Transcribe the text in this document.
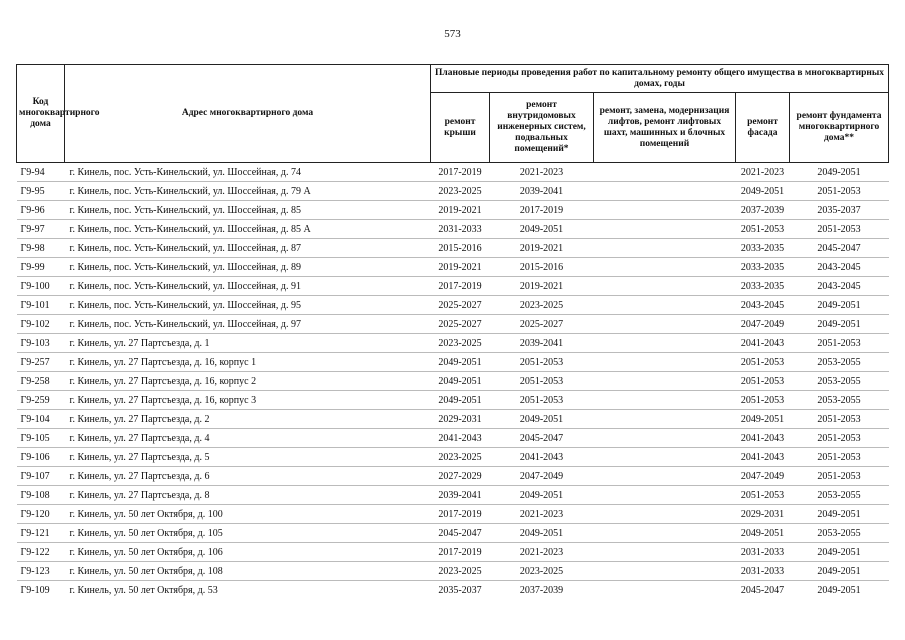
573
Код многоквартирного дома	Адрес многоквартирного дома	Плановые периоды проведения работ по капитальному ремонту общего имущества в многоквартирных домах, годы				
		ремонт крыши	ремонт внутридомовых инженерных систем, подвальных помещений*	ремонт, замена, модернизация лифтов, ремонт лифтовых шахт, машинных и блочных помещений	ремонт фасада	ремонт фундамента многоквартирного дома**
Г9-94	г. Кинель, пос. Усть-Кинельский, ул. Шоссейная, д. 74	2017-2019	2021-2023		2021-2023	2049-2051
Г9-95	г. Кинель, пос. Усть-Кинельский, ул. Шоссейная, д. 79 А	2023-2025	2039-2041		2049-2051	2051-2053
Г9-96	г. Кинель, пос. Усть-Кинельский, ул. Шоссейная, д. 85	2019-2021	2017-2019		2037-2039	2035-2037
Г9-97	г. Кинель, пос. Усть-Кинельский, ул. Шоссейная, д. 85 А	2031-2033	2049-2051		2051-2053	2051-2053
Г9-98	г. Кинель, пос. Усть-Кинельский, ул. Шоссейная, д. 87	2015-2016	2019-2021		2033-2035	2045-2047
Г9-99	г. Кинель, пос. Усть-Кинельский, ул. Шоссейная, д. 89	2019-2021	2015-2016		2033-2035	2043-2045
Г9-100	г. Кинель, пос. Усть-Кинельский, ул. Шоссейная, д. 91	2017-2019	2019-2021		2033-2035	2043-2045
Г9-101	г. Кинель, пос. Усть-Кинельский, ул. Шоссейная, д. 95	2025-2027	2023-2025		2043-2045	2049-2051
Г9-102	г. Кинель, пос. Усть-Кинельский, ул. Шоссейная, д. 97	2025-2027	2025-2027		2047-2049	2049-2051
Г9-103	г. Кинель, ул. 27 Партсъезда, д. 1	2023-2025	2039-2041		2041-2043	2051-2053
Г9-257	г. Кинель, ул. 27 Партсъезда, д. 16, корпус 1	2049-2051	2051-2053		2051-2053	2053-2055
Г9-258	г. Кинель, ул. 27 Партсъезда, д. 16, корпус 2	2049-2051	2051-2053		2051-2053	2053-2055
Г9-259	г. Кинель, ул. 27 Партсъезда, д. 16, корпус 3	2049-2051	2051-2053		2051-2053	2053-2055
Г9-104	г. Кинель, ул. 27 Партсъезда, д. 2	2029-2031	2049-2051		2049-2051	2051-2053
Г9-105	г. Кинель, ул. 27 Партсъезда, д. 4	2041-2043	2045-2047		2041-2043	2051-2053
Г9-106	г. Кинель, ул. 27 Партсъезда, д. 5	2023-2025	2041-2043		2041-2043	2051-2053
Г9-107	г. Кинель, ул. 27 Партсъезда, д. 6	2027-2029	2047-2049		2047-2049	2051-2053
Г9-108	г. Кинель, ул. 27 Партсъезда, д. 8	2039-2041	2049-2051		2051-2053	2053-2055
Г9-120	г. Кинель, ул. 50 лет Октября, д. 100	2017-2019	2021-2023		2029-2031	2049-2051
Г9-121	г. Кинель, ул. 50 лет Октября, д. 105	2045-2047	2049-2051		2049-2051	2053-2055
Г9-122	г. Кинель, ул. 50 лет Октября, д. 106	2017-2019	2021-2023		2031-2033	2049-2051
Г9-123	г. Кинель, ул. 50 лет Октября, д. 108	2023-2025	2023-2025		2031-2033	2049-2051
Г9-109	г. Кинель, ул. 50 лет Октября, д. 53	2035-2037	2037-2039		2045-2047	2049-2051
